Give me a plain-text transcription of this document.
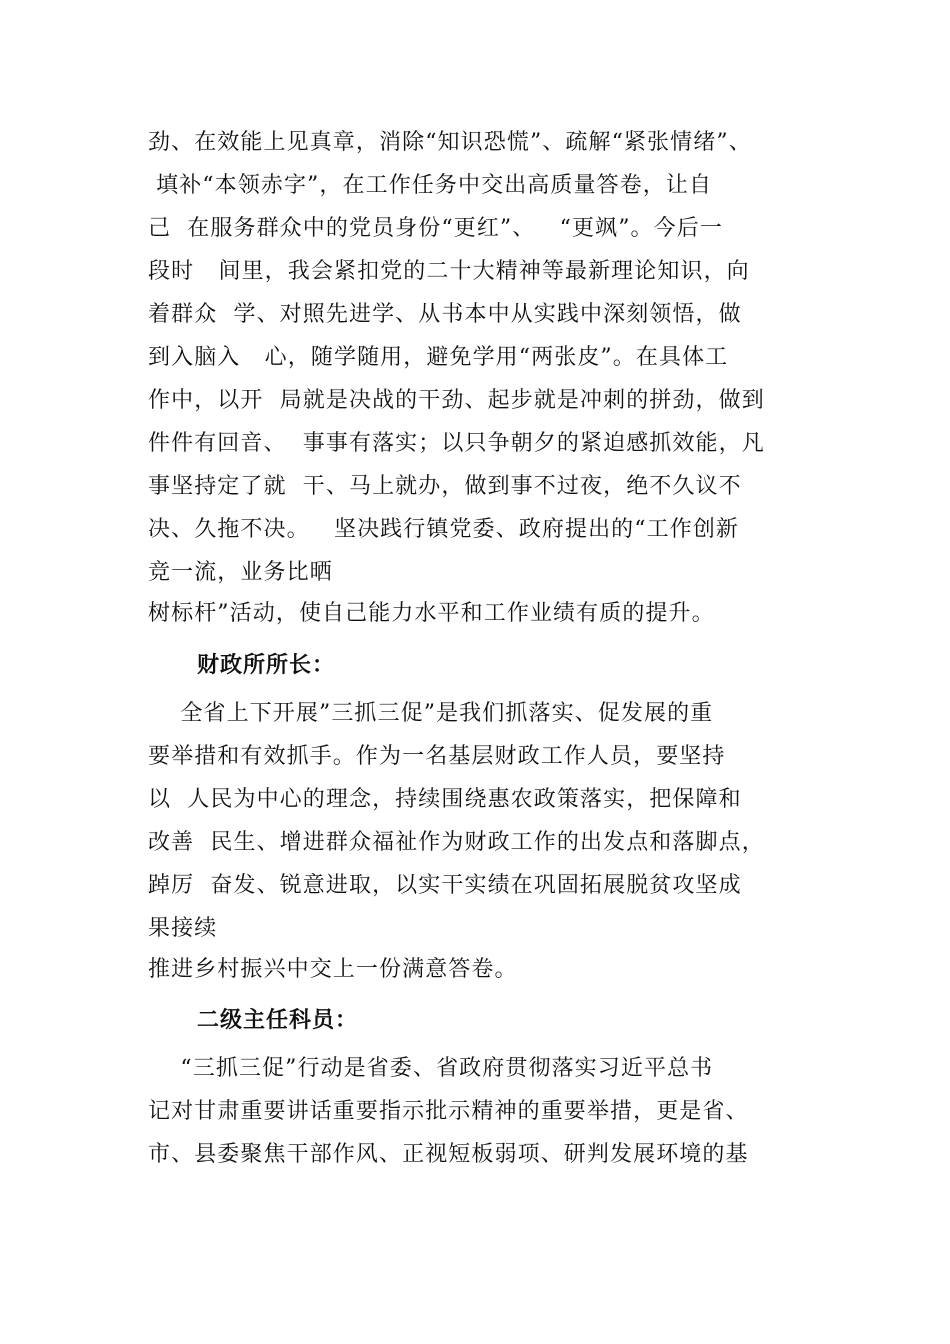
劲、在效能上见真章，消除“知识恐慌”、疏解“紧张情绪”、
填补“本领赤字”，在工作任务中交出高质量答卷，让自
己  在服务群众中的党员身份“更红”、   “更飒”。今后一
段时   间里，我会紧扣党的二十大精神等最新理论知识，向
着群众  学、对照先进学、从书本中从实践中深刻领悟，做
到入脑入   心，随学随用，避免学用“两张皮”。在具体工
作中，以开  局就是决战的干劲、起步就是冲刺的拼劲，做到
件件有回音、  事事有落实；以只争朝夕的紧迫感抓效能，凡
事坚持定了就  干、马上就办，做到事不过夜，绝不久议不
决、久拖不决。   坚决践行镇党委、政府提出的“工作创新
竞一流，业务比晒
树标杆”活动，使自己能力水平和工作业绩有质的提升。
财政所所长：
全省上下开展”三抓三促”是我们抓落实、促发展的重
要举措和有效抓手。作为一名基层财政工作人员，要坚持
以  人民为中心的理念，持续围绕惠农政策落实，把保障和
改善  民生、增进群众福祉作为财政工作的出发点和落脚点，
踔厉  奋发、锐意进取，以实干实绩在巩固拓展脱贫攻坚成
果接续
推进乡村振兴中交上一份满意答卷。
二级主任科员：
“三抓三促”行动是省委、省政府贯彻落实习近平总书
记对甘肃重要讲话重要指示批示精神的重要举措，更是省、
市、县委聚焦干部作风、正视短板弱项、研判发展环境的基
